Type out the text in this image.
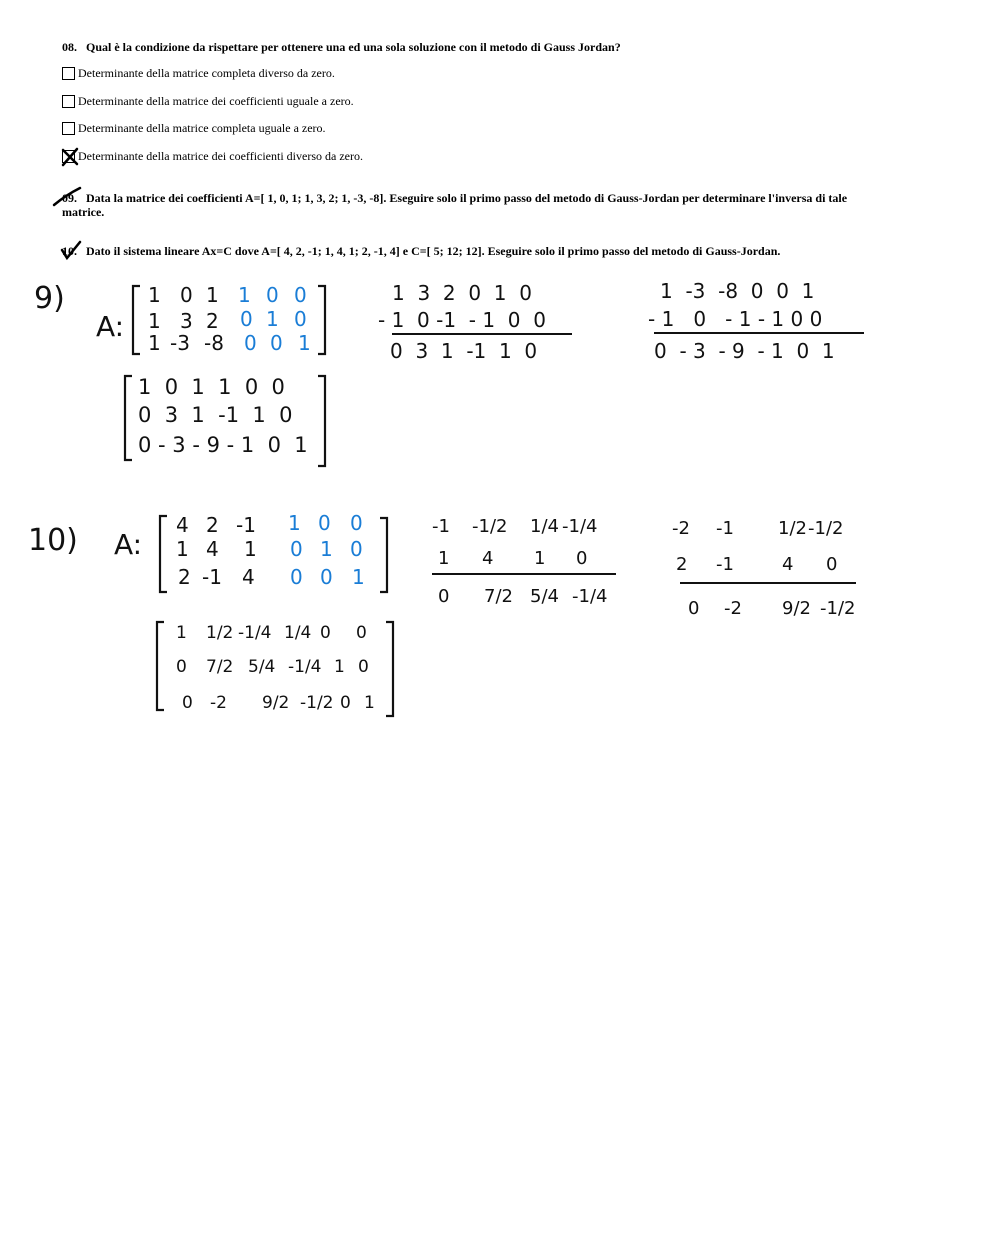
08. Qual è la condizione da rispettare per ottenere una ed una sola soluzione con il metodo di Gauss Jordan?
Determinante della matrice completa diverso da zero.
Determinante della matrice dei coefficienti uguale a zero.
Determinante della matrice completa uguale a zero.
Determinante della matrice dei coefficienti diverso da zero.
09. Data la matrice dei coefficienti A=[ 1, 0, 1; 1, 3, 2; 1, -3, -8]. Eseguire solo il primo passo del metodo di Gauss-Jordan per determinare l'inversa di tale
matrice.
10. Dato il sistema lineare Ax=C dove A=[ 4, 2, -1; 1, 4, 1; 2, -1, 4] e C=[ 5; 12; 12]. Eseguire solo il primo passo del metodo di Gauss-Jordan.
9)
A:
1 0 1
1 3 2
1 -3 -8
1 0 0
0 1 0
0 0 1
1  3  2  0  1  0
- 1  0 -1  - 1  0  0
0  3  1  -1  1  0
1  -3  -8  0  0  1
- 1   0   - 1 - 1 0 0
0  - 3  - 9  - 1  0  1
1  0  1  1  0  0
0  3  1  -1  1  0
0 - 3 - 9 - 1  0  1
10) A:
4 2 -1
1 4 1
2 -1 4
1 0 0
0 1 0
0 0 1
-1 -1/2 1/4 -1/4
1 4 1 0
0 7/2 5/4 -1/4
-2 -1 1/2 -1/2
2 -1	4 0
0 -2 9/2 -1/2
1 1/2 -1/4 1/4 0 0
0 7/2 5/4 -1/4 1 0
0 -2 9/2 -1/2 0 1
